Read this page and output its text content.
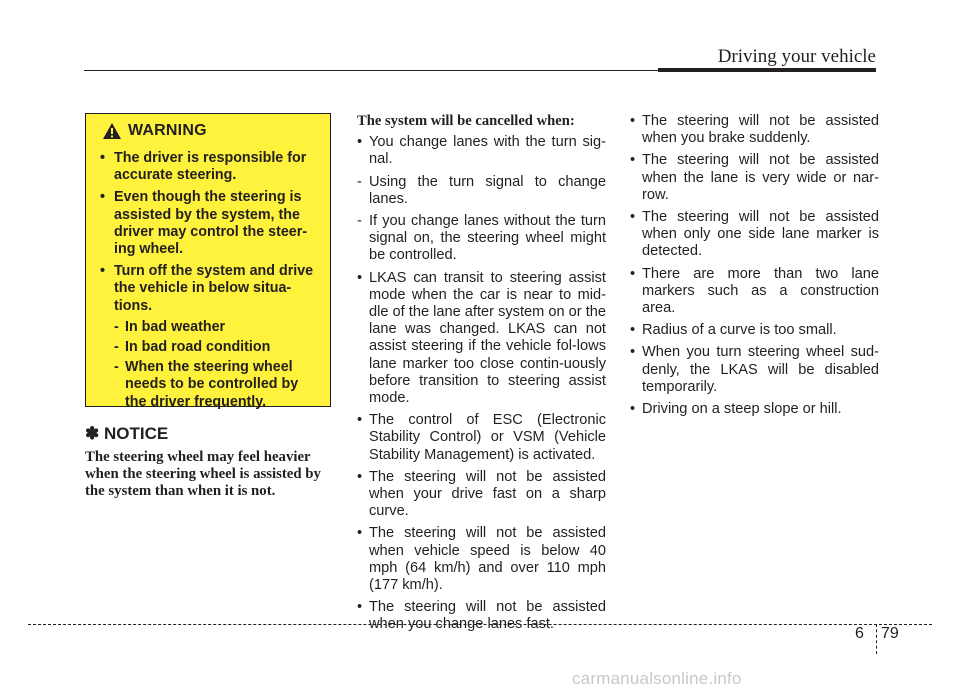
Driving your vehicle
WARNING
• The driver is responsible for accurate steering.
• Even though the steering is assisted by the system, the driver may control the steer-ing wheel.
• Turn off the system and drive the vehicle in below situa-tions.
- In bad weather
- In bad road condition
- When the steering wheel needs to be controlled by the driver frequently.
✽ NOTICE
The steering wheel may feel heavier when the steering wheel is assisted by the system than when it is not.
The system will be cancelled when:
• You change lanes with the turn sig-nal.
- Using the turn signal to change lanes.
- If you change lanes without the turn signal on, the steering wheel might be controlled.
• LKAS can transit to steering assist mode when the car is near to mid-dle of the lane after system on or the lane was changed. LKAS can not assist steering if the vehicle fol-lows lane marker too close contin-uously before transition to steering assist mode.
• The control of ESC (Electronic Stability Control) or VSM (Vehicle Stability Management) is activated.
• The steering will not be assisted when your drive fast on a sharp curve.
• The steering will not be assisted when vehicle speed is below 40 mph (64 km/h) and over 110 mph (177 km/h).
• The steering will not be assisted when you change lanes fast.
• The steering will not be assisted when you brake suddenly.
• The steering will not be assisted when the lane is very wide or nar-row.
• The steering will not be assisted when only one side lane marker is detected.
• There are more than two lane markers such as a construction area.
• Radius of a curve is too small.
• When you turn steering wheel sud-denly, the LKAS will be disabled temporarily.
• Driving on a steep slope or hill.
6 79
carmanualsonline.info
